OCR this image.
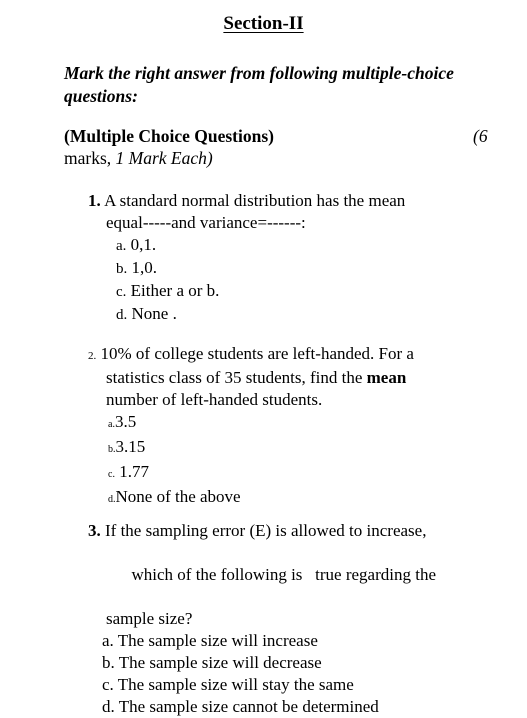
Section-II
Mark the right answer from following multiple-choice questions:
(Multiple Choice Questions)	(6
marks, 1 Mark Each)
1. A standard normal distribution has the mean
equal-----and variance=------:
a. 0,1.
b. 1,0.
c. Either a or b.
d. None .
2. 10% of college students are left-handed. For a
statistics class of 35 students, find the mean
number of left-handed students.
a.3.5
b.3.15
c. 1.77
d.None of the above
3. If the sampling error (E) is allowed to increase,

which of the following is   true regarding the

sample size?
a. The sample size will increase
b. The sample size will decrease
c. The sample size will stay the same
d. The sample size cannot be determined
